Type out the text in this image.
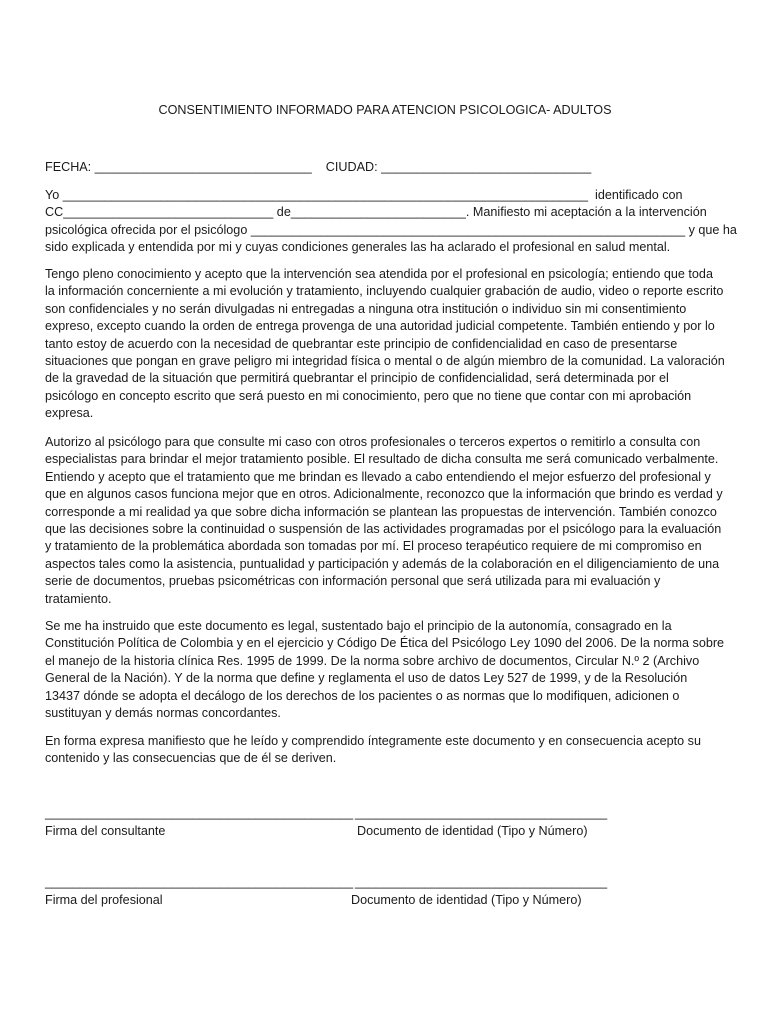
CONSENTIMIENTO INFORMADO PARA ATENCION PSICOLOGICA- ADULTOS
FECHA: _______________________________    CIUDAD: ______________________________
Yo ___________________________________________________________________________  identificado con
CC______________________________ de_________________________. Manifiesto mi aceptación a la intervención
psicológica ofrecida por el psicólogo ______________________________________________________________ y que ha
sido explicada y entendida por mi y cuyas condiciones generales las ha aclarado el profesional en salud mental.

Tengo pleno conocimiento y acepto que la intervención sea atendida por el profesional en psicología; entiendo que toda la información concerniente a mi evolución y tratamiento, incluyendo cualquier grabación de audio, video o reporte escrito son confidenciales y no serán divulgadas ni entregadas a ninguna otra institución o individuo sin mi consentimiento expreso, excepto cuando la orden de entrega provenga de una autoridad judicial competente. También entiendo y por lo tanto estoy de acuerdo con la necesidad de quebrantar este principio de confidencialidad en caso de presentarse situaciones que pongan en grave peligro mi integridad física o mental o de algún miembro de la comunidad. La valoración de la gravedad de la situación que permitirá quebrantar el principio de confidencialidad, será determinada por el psicólogo en concepto escrito que será puesto en mi conocimiento, pero que no tiene que contar con mi aprobación expresa.

Autorizo al psicólogo para que consulte mi caso con otros profesionales o terceros expertos o remitirlo a consulta con especialistas para brindar el mejor tratamiento posible. El resultado de dicha consulta me será comunicado verbalmente. Entiendo y acepto que el tratamiento que me brindan es llevado a cabo entendiendo el mejor esfuerzo del profesional y que en algunos casos funciona mejor que en otros. Adicionalmente, reconozco que la información que brindo es verdad y corresponde a mi realidad ya que sobre dicha información se plantean las propuestas de intervención. También conozco que las decisiones sobre la continuidad o suspensión de las actividades programadas por el psicólogo para la evaluación y tratamiento de la problemática abordada son tomadas por mí. El proceso terapéutico requiere de mi compromiso en aspectos tales como la asistencia, puntualidad y participación y además de la colaboración en el diligenciamiento de una serie de documentos, pruebas psicométricas con información personal que será utilizada para mi evaluación y tratamiento.

Se me ha instruido que este documento es legal, sustentado bajo el principio de la autonomía, consagrado en la Constitución Política de Colombia y en el ejercicio y Código De Ética del Psicólogo Ley 1090 del 2006. De la norma sobre el manejo de la historia clínica Res. 1995 de 1999. De la norma sobre archivo de documentos, Circular N.º 2 (Archivo General de la Nación). Y de la norma que define y reglamenta el uso de datos Ley 527 de 1999, y de la Resolución 13437 dónde se adopta el decálogo de los derechos de los pacientes o as normas que lo modifiquen, adicionen o sustituyan y demás normas concordantes.

En forma expresa manifiesto que he leído y comprendido íntegramente este documento y en consecuencia acepto su contenido y las consecuencias que de él se deriven.

____________________________________________
Firma del consultante
____________________________________
Documento de identidad (Tipo y Número)
____________________________________________
Firma del profesional
____________________________________
Documento de identidad (Tipo y Número)
